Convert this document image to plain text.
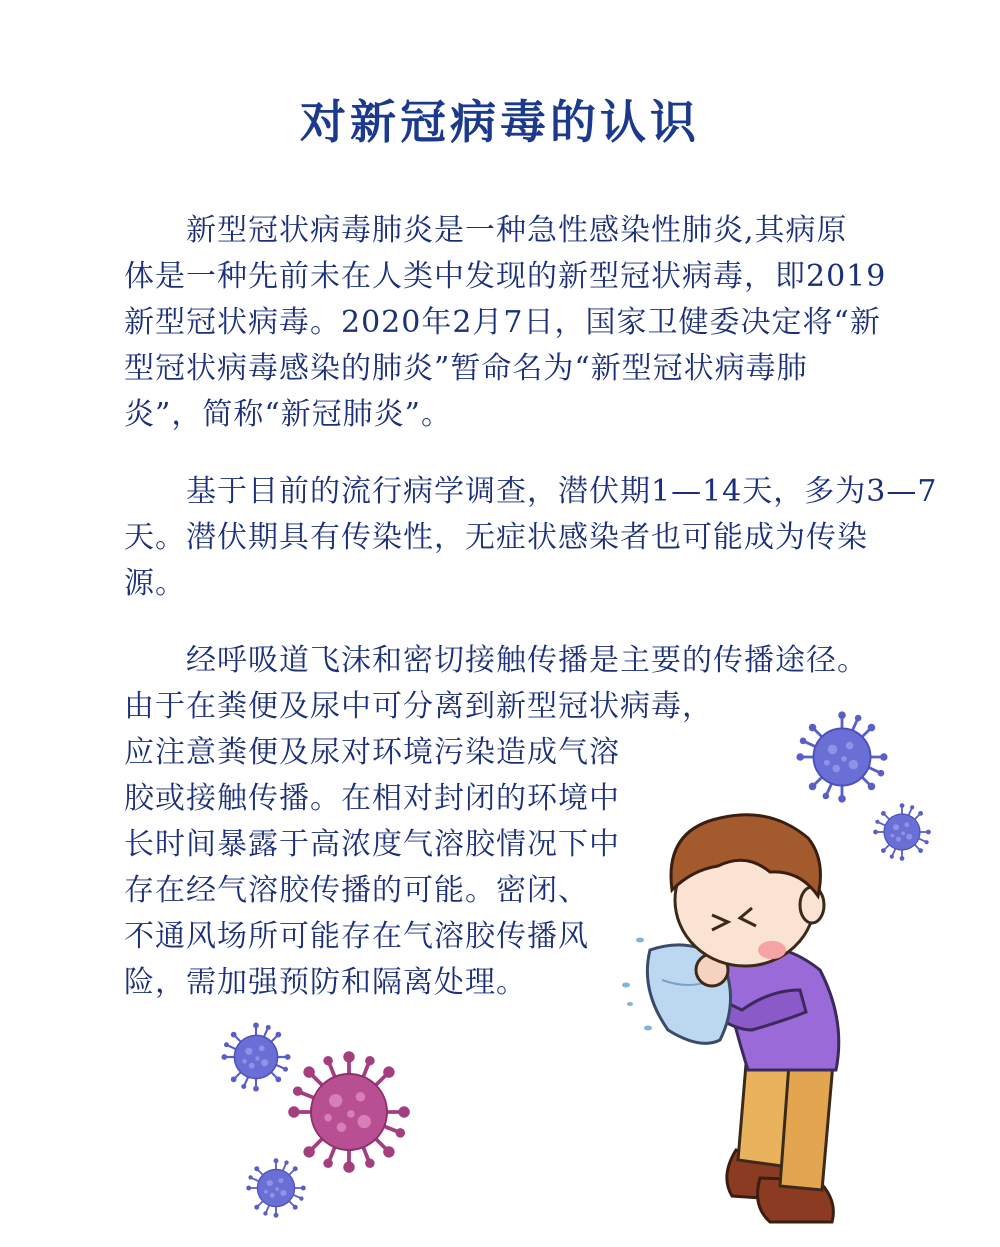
对新冠病毒的认识
新型冠状病毒肺炎是一种急性感染性肺炎,其病原
体是一种先前未在人类中发现的新型冠状病毒，即2019
新型冠状病毒。2020年2月7日，国家卫健委决定将“新
型冠状病毒感染的肺炎”暂命名为“新型冠状病毒肺
炎”，简称“新冠肺炎”。
基于目前的流行病学调查，潜伏期1—14天，多为3—7
天。潜伏期具有传染性，无症状感染者也可能成为传染
源。
经呼吸道飞沫和密切接触传播是主要的传播途径。
由于在粪便及尿中可分离到新型冠状病毒，
应注意粪便及尿对环境污染造成气溶
胶或接触传播。在相对封闭的环境中
长时间暴露于高浓度气溶胶情况下中
存在经气溶胶传播的可能。密闭、
不通风场所可能存在气溶胶传播风
险，需加强预防和隔离处理。
